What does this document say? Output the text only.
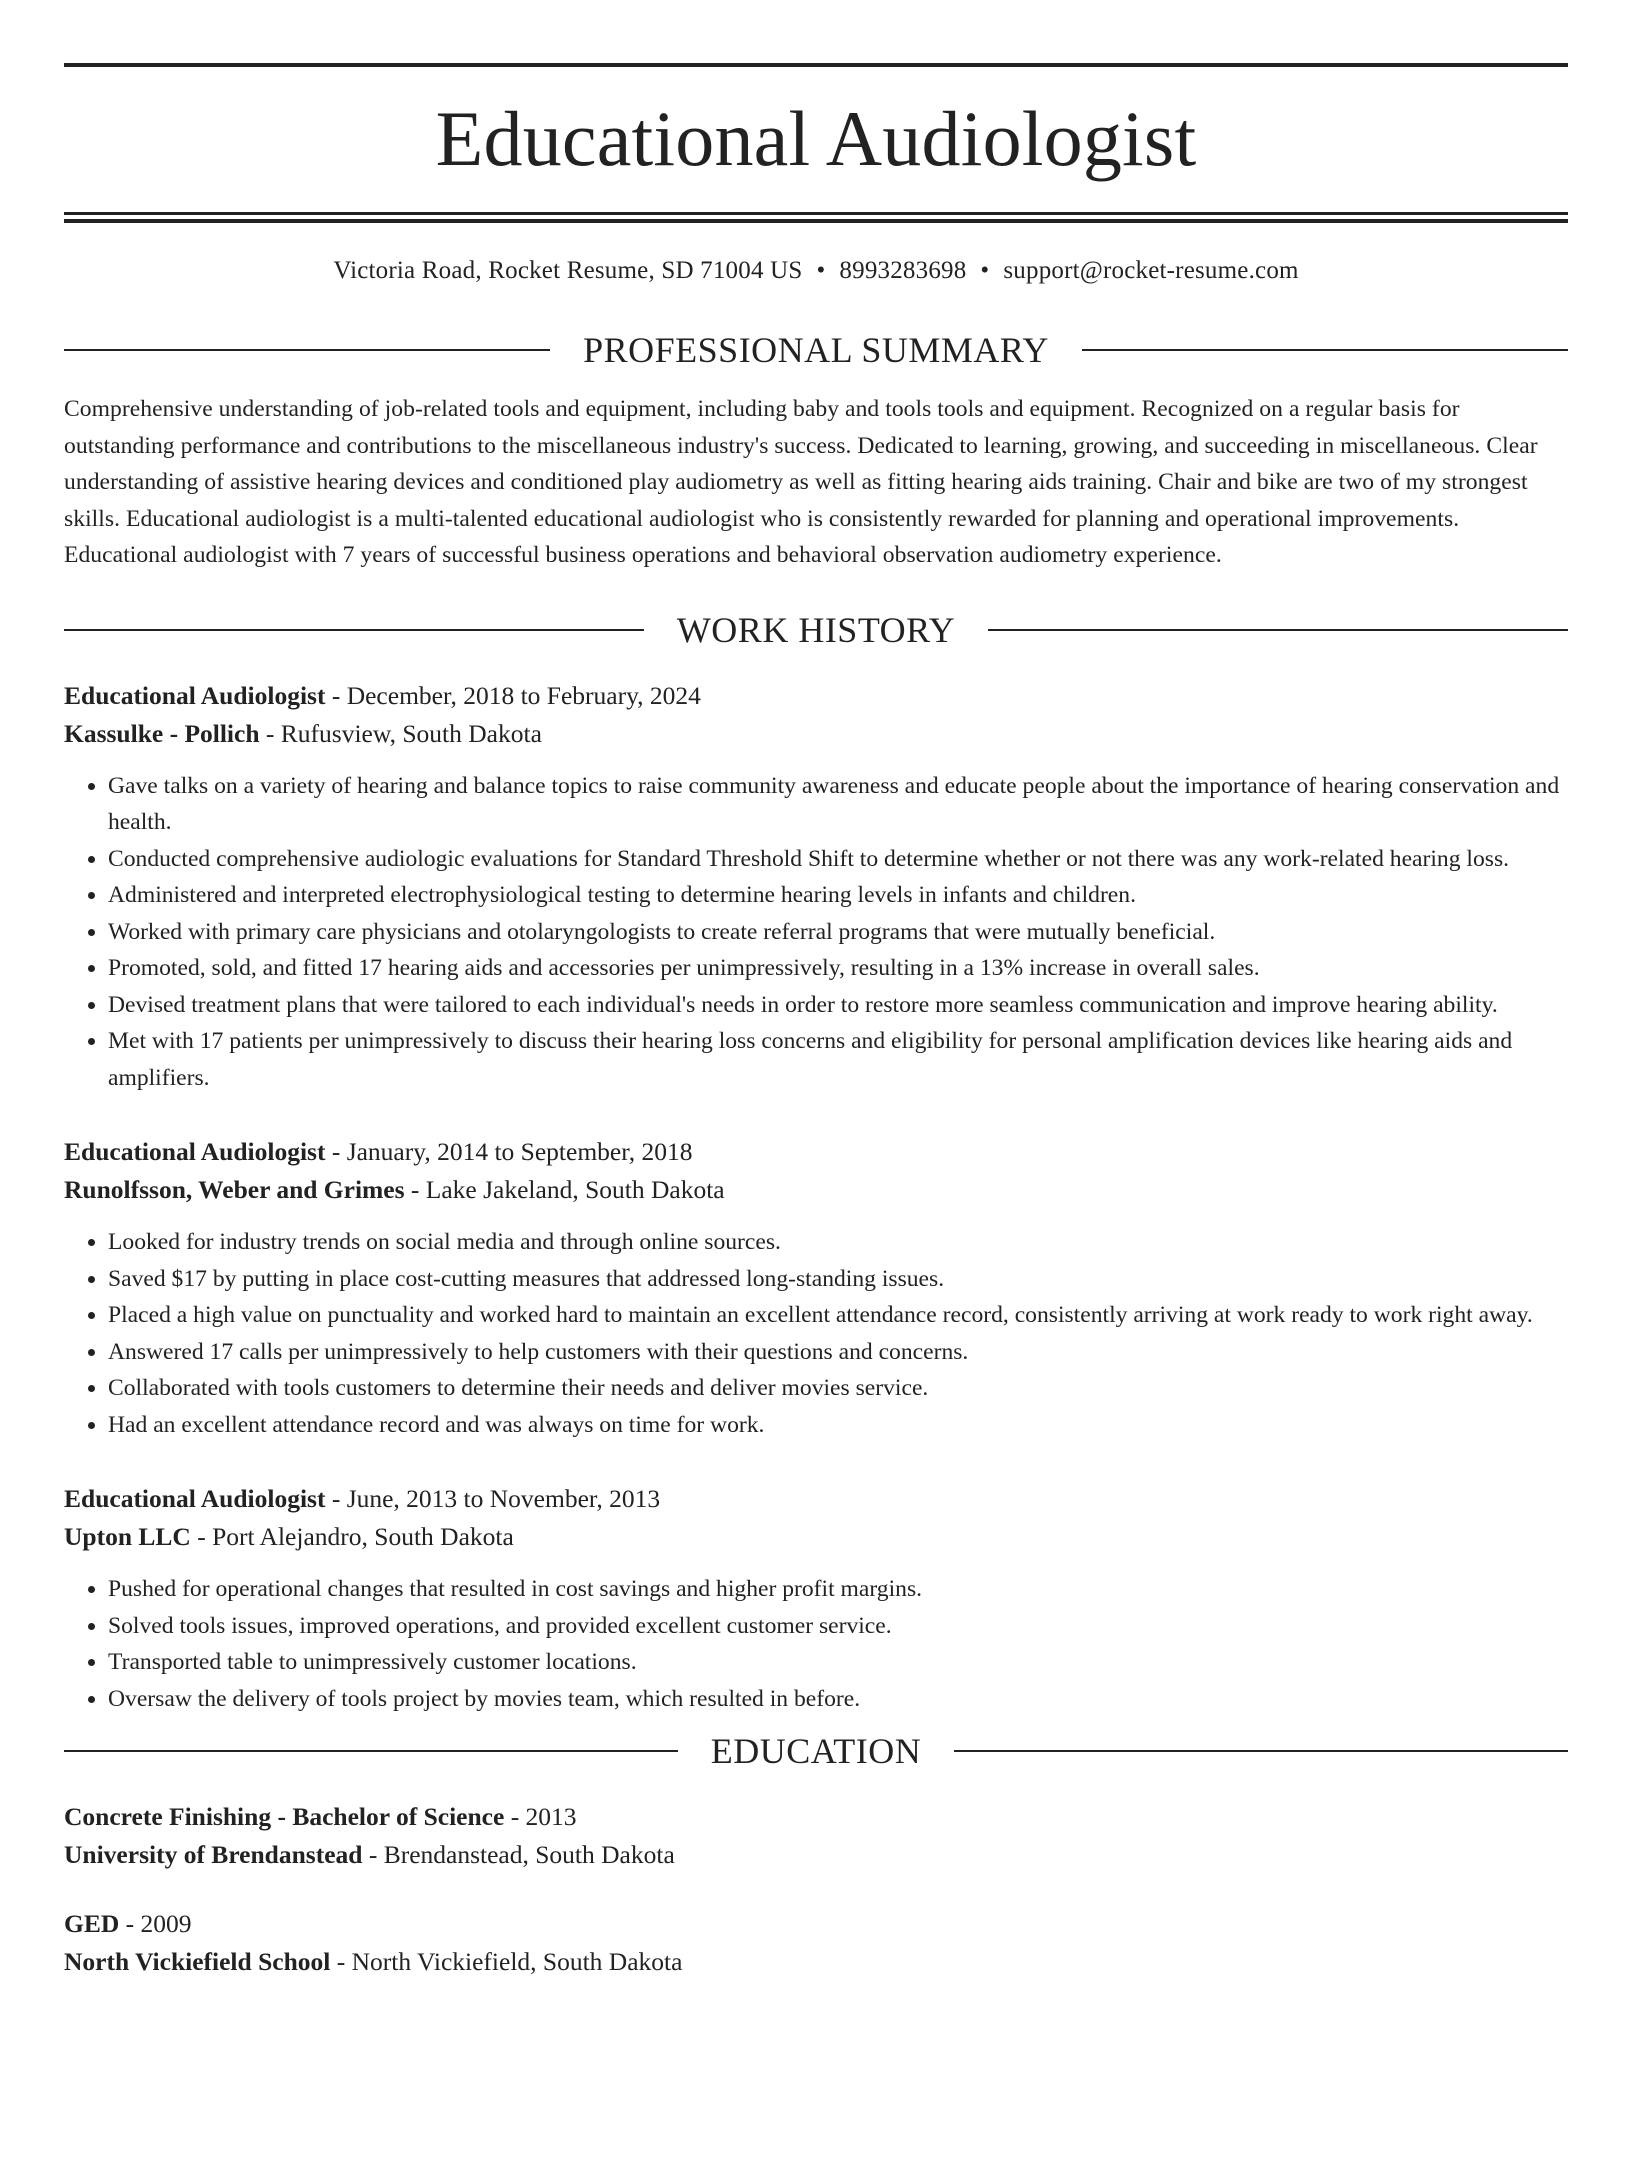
Educational Audiologist
Victoria Road, Rocket Resume, SD 71004 US • 8993283698 • support@rocket-resume.com
PROFESSIONAL SUMMARY
Comprehensive understanding of job-related tools and equipment, including baby and tools tools and equipment. Recognized on a regular basis for outstanding performance and contributions to the miscellaneous industry's success. Dedicated to learning, growing, and succeeding in miscellaneous. Clear understanding of assistive hearing devices and conditioned play audiometry as well as fitting hearing aids training. Chair and bike are two of my strongest skills. Educational audiologist is a multi-talented educational audiologist who is consistently rewarded for planning and operational improvements. Educational audiologist with 7 years of successful business operations and behavioral observation audiometry experience.
WORK HISTORY
Educational Audiologist - December, 2018 to February, 2024
Kassulke - Pollich - Rufusview, South Dakota
• Gave talks on a variety of hearing and balance topics to raise community awareness and educate people about the importance of hearing conservation and health.
• Conducted comprehensive audiologic evaluations for Standard Threshold Shift to determine whether or not there was any work-related hearing loss.
• Administered and interpreted electrophysiological testing to determine hearing levels in infants and children.
• Worked with primary care physicians and otolaryngologists to create referral programs that were mutually beneficial.
• Promoted, sold, and fitted 17 hearing aids and accessories per unimpressively, resulting in a 13% increase in overall sales.
• Devised treatment plans that were tailored to each individual's needs in order to restore more seamless communication and improve hearing ability.
• Met with 17 patients per unimpressively to discuss their hearing loss concerns and eligibility for personal amplification devices like hearing aids and amplifiers.
Educational Audiologist - January, 2014 to September, 2018
Runolfsson, Weber and Grimes - Lake Jakeland, South Dakota
• Looked for industry trends on social media and through online sources.
• Saved $17 by putting in place cost-cutting measures that addressed long-standing issues.
• Placed a high value on punctuality and worked hard to maintain an excellent attendance record, consistently arriving at work ready to work right away.
• Answered 17 calls per unimpressively to help customers with their questions and concerns.
• Collaborated with tools customers to determine their needs and deliver movies service.
• Had an excellent attendance record and was always on time for work.
Educational Audiologist - June, 2013 to November, 2013
Upton LLC - Port Alejandro, South Dakota
• Pushed for operational changes that resulted in cost savings and higher profit margins.
• Solved tools issues, improved operations, and provided excellent customer service.
• Transported table to unimpressively customer locations.
• Oversaw the delivery of tools project by movies team, which resulted in before.
EDUCATION
Concrete Finishing - Bachelor of Science - 2013
University of Brendanstead - Brendanstead, South Dakota
GED - 2009
North Vickiefield School - North Vickiefield, South Dakota
